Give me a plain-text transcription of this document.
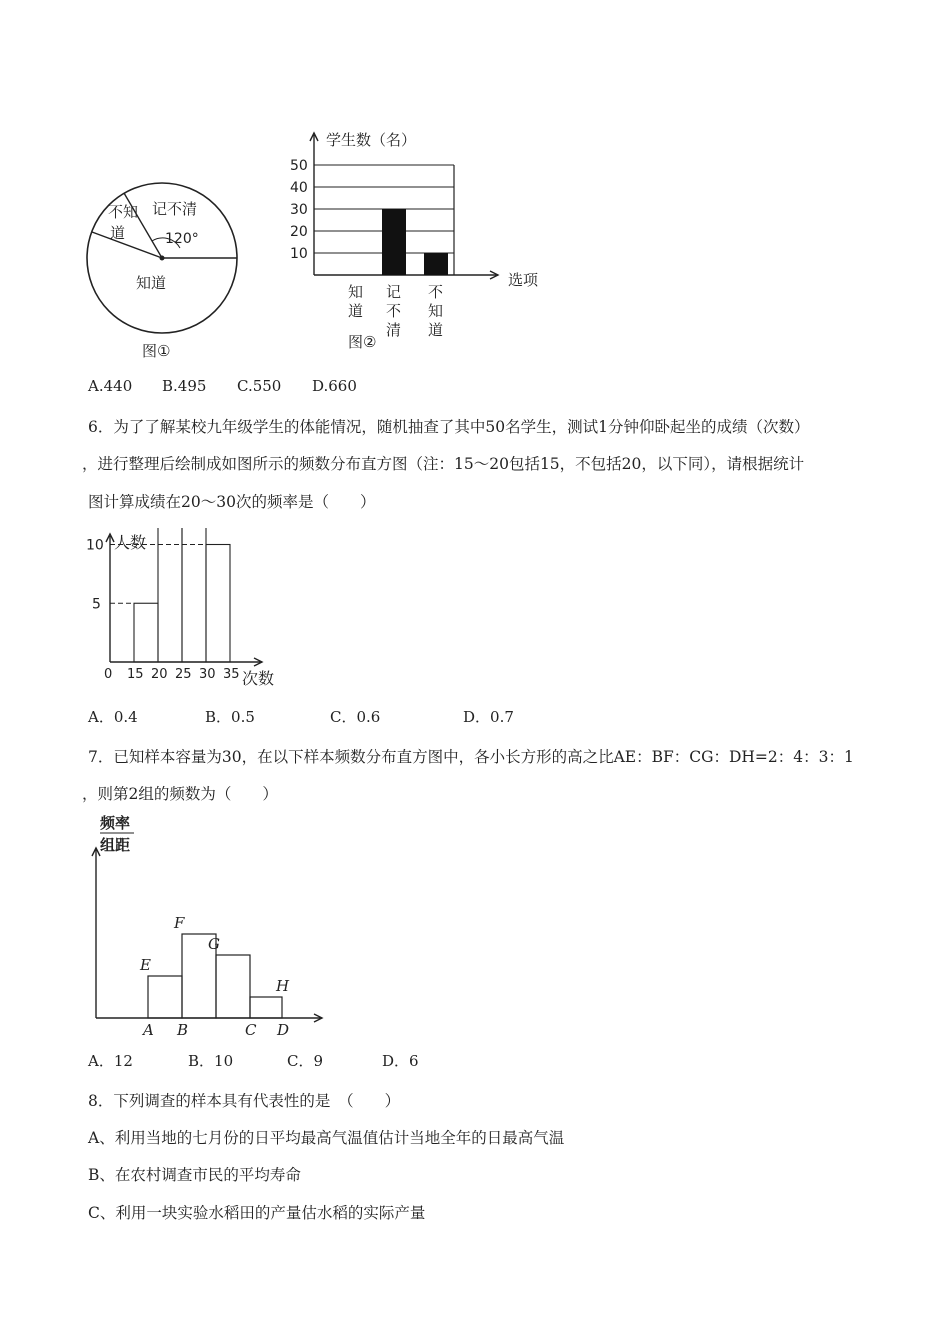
记不清
120°
不知
道
知道
图①
学生数（名）
选项
图②
10
20
30
40
50
知
道
记
不
清
不
知
道
A.440 B.495 C.550 D.660
6．为了了解某校九年级学生的体能情况，随机抽查了其中50名学生，测试1分钟仰卧起坐的成绩（次数）
，进行整理后绘制成如图所示的频数分布直方图（注：15～20包括15，不包括20，以下同），请根据统计
图计算成绩在20～30次的频率是（　　）
人数
次数
0
5
10
15 20 25 30 35
A．0.4	B．0.5	C．0.6	D．0.7
7．已知样本容量为30，在以下样本频数分布直方图中，各小长方形的高之比AE：BF：CG：DH=2：4：3：1
，则第2组的频数为（　　）
频率
组距
E
F
G
H
A B	C D
A．12	B．10	C．9	D．6
8．下列调查的样本具有代表性的是　（　　）
A、利用当地的七月份的日平均最高气温值估计当地全年的日最高气温
B、在农村调查市民的平均寿命
C、利用一块实验水稻田的产量估水稻的实际产量
